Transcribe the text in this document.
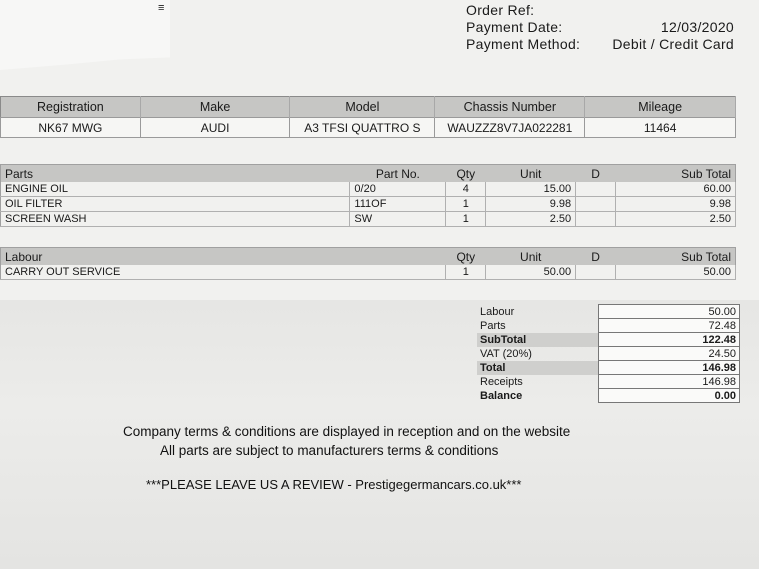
≡	Order Ref:
Payment Date:	12/03/2020
Payment Method: Debit / Credit Card
Registration	Make	Model	Chassis Number	Mileage
NK67 MWG	AUDI	A3 TFSI QUATTRO S	WAUZZZ8V7JA022281	11464
Parts	Part No.	Qty	Unit	D	Sub Total
ENGINE OIL	0/20	4	15.00		60.00
OIL FILTER	111OF	1	9.98		9.98
SCREEN WASH	SW	1	2.50		2.50
Labour	Qty	Unit	D	Sub Total
CARRY OUT SERVICE	1	50.00		50.00
Labour	50.00
Parts	72.48
SubTotal	122.48
VAT (20%)	24.50
Total	146.98
Receipts	146.98
Balance	0.00
Company terms & conditions are displayed in reception and on the website
All parts are subject to manufacturers terms & conditions
***PLEASE LEAVE US A REVIEW - Prestigegermancars.co.uk***
